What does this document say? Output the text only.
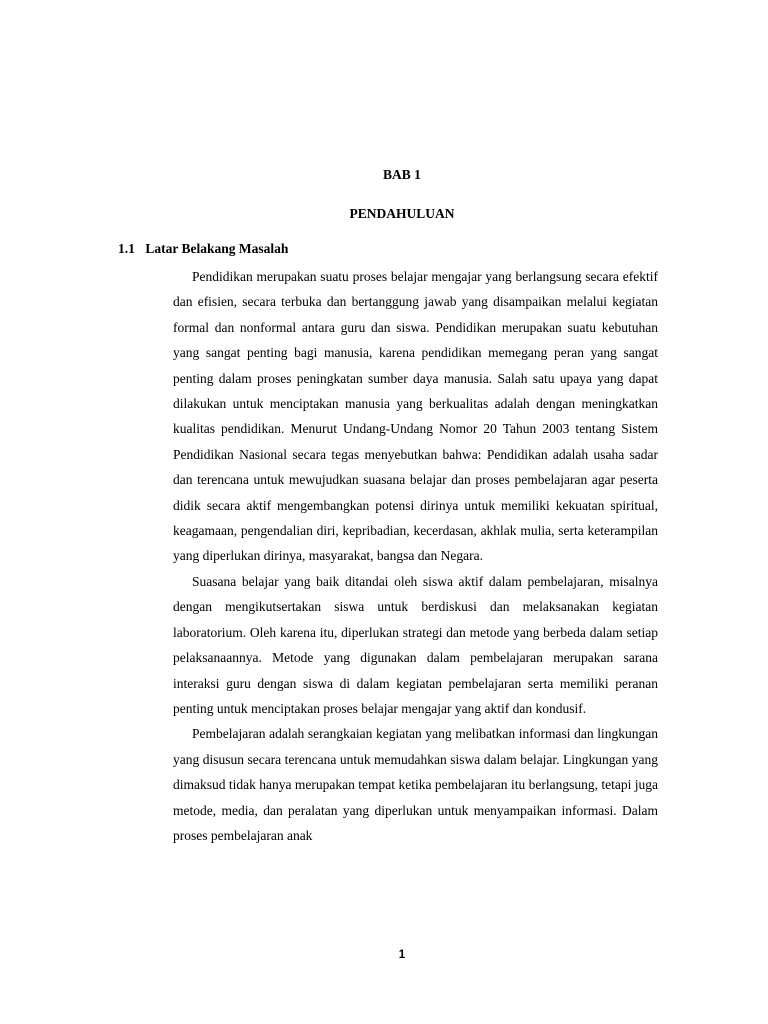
BAB 1
PENDAHULUAN
1.1 Latar Belakang Masalah

Pendidikan merupakan suatu proses belajar mengajar yang berlangsung secara efektif dan efisien, secara terbuka dan bertanggung jawab yang disampaikan melalui kegiatan formal dan nonformal antara guru dan siswa. Pendidikan merupakan suatu kebutuhan yang sangat penting bagi manusia, karena pendidikan memegang peran yang sangat penting dalam proses peningkatan sumber daya manusia. Salah satu upaya yang dapat dilakukan untuk menciptakan manusia yang berkualitas adalah dengan meningkatkan kualitas pendidikan. Menurut Undang-Undang Nomor 20 Tahun 2003 tentang Sistem Pendidikan Nasional secara tegas menyebutkan bahwa: Pendidikan adalah usaha sadar dan terencana untuk mewujudkan suasana belajar dan proses pembelajaran agar peserta didik secara aktif mengembangkan potensi dirinya untuk memiliki kekuatan spiritual, keagamaan, pengendalian diri, kepribadian, kecerdasan, akhlak mulia, serta keterampilan yang diperlukan dirinya, masyarakat, bangsa dan Negara.

Suasana belajar yang baik ditandai oleh siswa aktif dalam pembelajaran, misalnya dengan mengikutsertakan siswa untuk berdiskusi dan melaksanakan kegiatan laboratorium. Oleh karena itu, diperlukan strategi dan metode yang berbeda dalam setiap pelaksanaannya. Metode yang digunakan dalam pembelajaran merupakan sarana interaksi guru dengan siswa di dalam kegiatan pembelajaran serta memiliki peranan penting untuk menciptakan proses belajar mengajar yang aktif dan kondusif.

Pembelajaran adalah serangkaian kegiatan yang melibatkan informasi dan lingkungan yang disusun secara terencana untuk memudahkan siswa dalam belajar. Lingkungan yang dimaksud tidak hanya merupakan tempat ketika pembelajaran itu berlangsung, tetapi juga metode, media, dan peralatan yang diperlukan untuk menyampaikan informasi. Dalam proses pembelajaran anak

1
